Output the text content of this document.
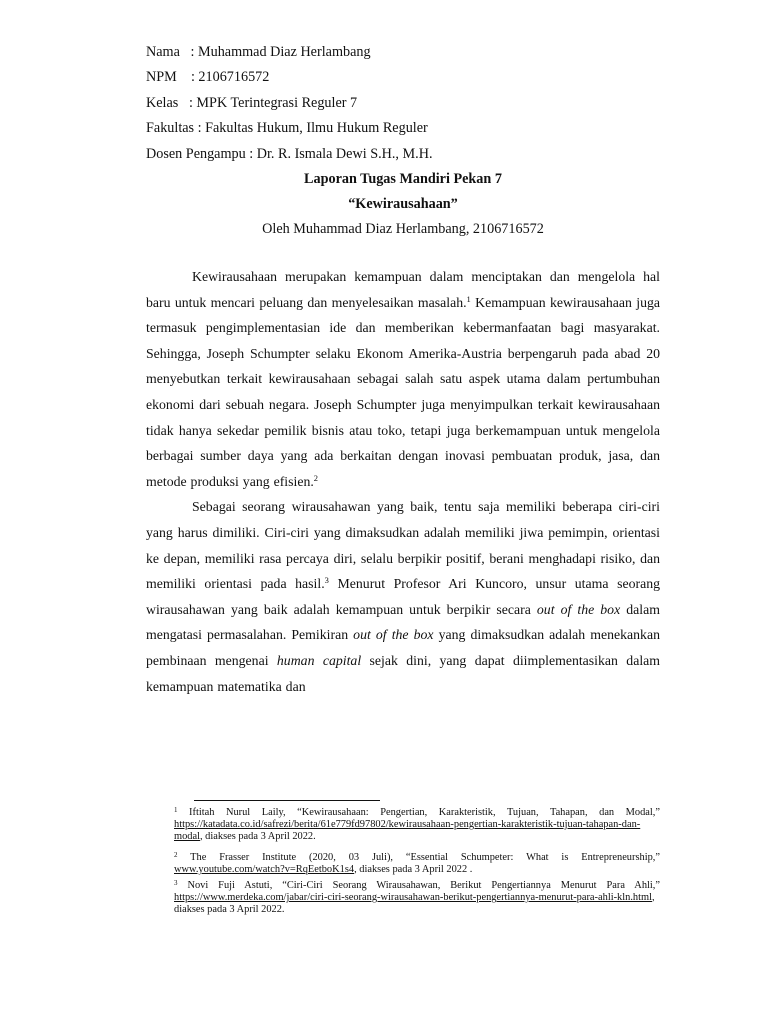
Nama   : Muhammad Diaz Herlambang
NPM    : 2106716572
Kelas   : MPK Terintegrasi Reguler 7
Fakultas : Fakultas Hukum, Ilmu Hukum Reguler
Dosen Pengampu : Dr. R. Ismala Dewi S.H., M.H.
Laporan Tugas Mandiri Pekan 7
“Kewirausahaan”
Oleh Muhammad Diaz Herlambang, 2106716572

Kewirausahaan merupakan kemampuan dalam menciptakan dan mengelola hal baru untuk mencari peluang dan menyelesaikan masalah.$^1$ Kemampuan kewirausahaan juga termasuk pengimplementasian ide dan memberikan kebermanfaatan bagi masyarakat. Sehingga, Joseph Schumpter selaku Ekonom Amerika-Austria berpengaruh pada abad 20 menyebutkan terkait kewirausahaan sebagai salah satu aspek utama dalam pertumbuhan ekonomi dari sebuah negara. Joseph Schumpter juga menyimpulkan terkait kewirausahaan tidak hanya sekedar pemilik bisnis atau toko, tetapi juga berkemampuan untuk mengelola berbagai sumber daya yang ada berkaitan dengan inovasi pembuatan produk, jasa, dan metode produksi yang efisien.$^2$

Sebagai seorang wirausahawan yang baik, tentu saja memiliki beberapa ciri-ciri yang harus dimiliki. Ciri-ciri yang dimaksudkan adalah memiliki jiwa pemimpin, orientasi ke depan, memiliki rasa percaya diri, selalu berpikir positif, berani menghadapi risiko, dan memiliki orientasi pada hasil.$^3$ Menurut Profesor Ari Kuncoro, unsur utama seorang wirausahawan yang baik adalah kemampuan untuk berpikir secara out of the box dalam mengatasi permasalahan. Pemikiran out of the box yang dimaksudkan adalah menekankan pembinaan mengenai human capital sejak dini, yang dapat diimplementasikan dalam kemampuan matematika dan

$^1$ Iftitah Nurul Laily, “Kewirausahaan: Pengertian, Karakteristik, Tujuan, Tahapan, dan Modal,” https://katadata.co.id/safrezi/berita/61e779fd97802/kewirausahaan-pengertian-karakteristik-tujuan-tahapan-dan-modal, diakses pada 3 April 2022.
$^2$ The Frasser Institute (2020, 03 Juli), “Essential Schumpeter: What is Entrepreneurship,” www.youtube.com/watch?v=RqEetboK1s4, diakses pada 3 April 2022 .
$^3$ Novi Fuji Astuti, “Ciri-Ciri Seorang Wirausahawan, Berikut Pengertiannya Menurut Para Ahli,” https://www.merdeka.com/jabar/ciri-ciri-seorang-wirausahawan-berikut-pengertiannya-menurut-para-ahli-kln.html, diakses pada 3 April 2022.
